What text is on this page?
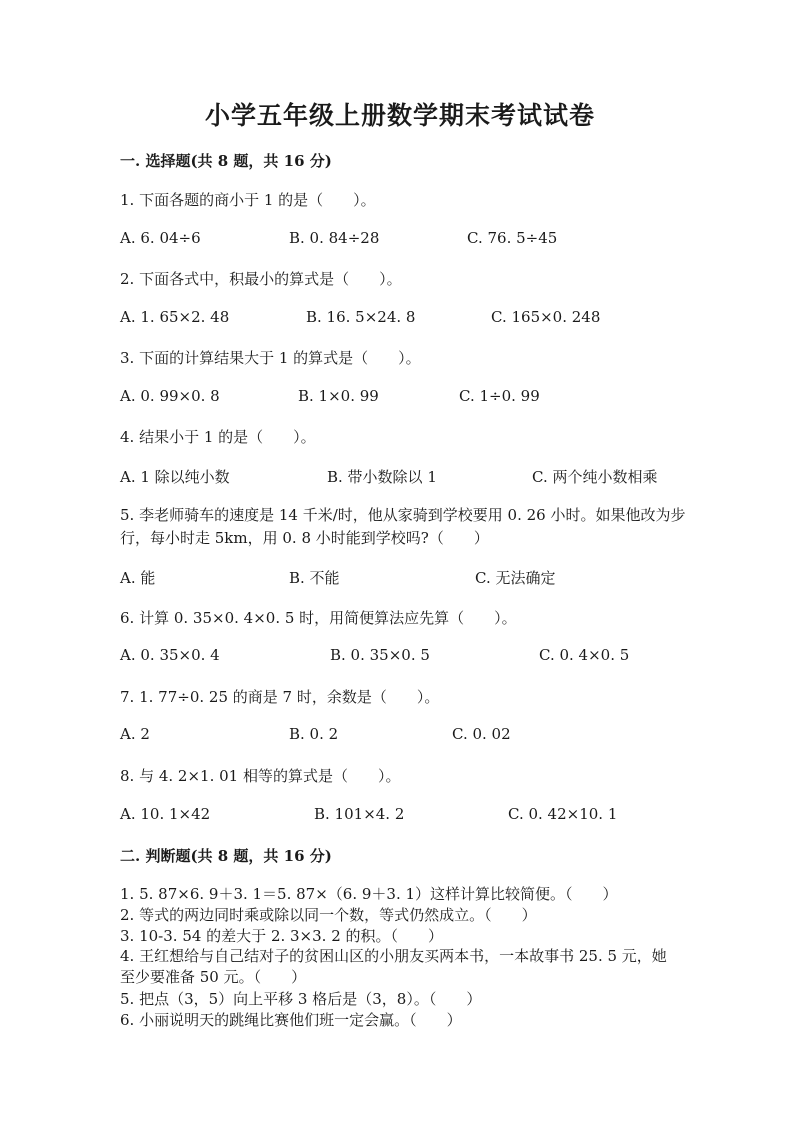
小学五年级上册数学期末考试试卷
一. 选择题(共 8 题，共 16 分)
1. 下面各题的商小于 1 的是（　　）。
A. 6. 04÷6	B. 0. 84÷28	C. 76. 5÷45
2. 下面各式中，积最小的算式是（　　）。
A. 1. 65×2. 48	B. 16. 5×24. 8	C. 165×0. 248
3. 下面的计算结果大于 1 的算式是（　　）。
A. 0. 99×0. 8	B. 1×0. 99	C. 1÷0. 99
4. 结果小于 1 的是（　　）。
A. 1 除以纯小数	B. 带小数除以 1	C. 两个纯小数相乘
5. 李老师骑车的速度是 14 千米/时，他从家骑到学校要用 0. 26 小时。如果他改为步行，每小时走 5km，用 0. 8 小时能到学校吗?（　　）
A. 能	B. 不能	C. 无法确定
6. 计算 0. 35×0. 4×0. 5 时，用简便算法应先算（　　）。
A. 0. 35×0. 4	B. 0. 35×0. 5	C. 0. 4×0. 5
7. 1. 77÷0. 25 的商是 7 时，余数是（　　）。
A. 2	B. 0. 2	C. 0. 02
8. 与 4. 2×1. 01 相等的算式是（　　）。
A. 10. 1×42	B. 101×4. 2	C. 0. 42×10. 1
二. 判断题(共 8 题，共 16 分)
1. 5. 87×6. 9＋3. 1＝5. 87×（6. 9＋3. 1）这样计算比较简便。（　　）
2. 等式的两边同时乘或除以同一个数，等式仍然成立。（　　）
3. 10-3. 54 的差大于 2. 3×3. 2 的积。（　　）
4. 王红想给与自己结对子的贫困山区的小朋友买两本书，一本故事书 25. 5 元，她至少要准备 50 元。（　　）
5. 把点（3，5）向上平移 3 格后是（3，8）。（　　）
6. 小丽说明天的跳绳比赛他们班一定会赢。（　　）
